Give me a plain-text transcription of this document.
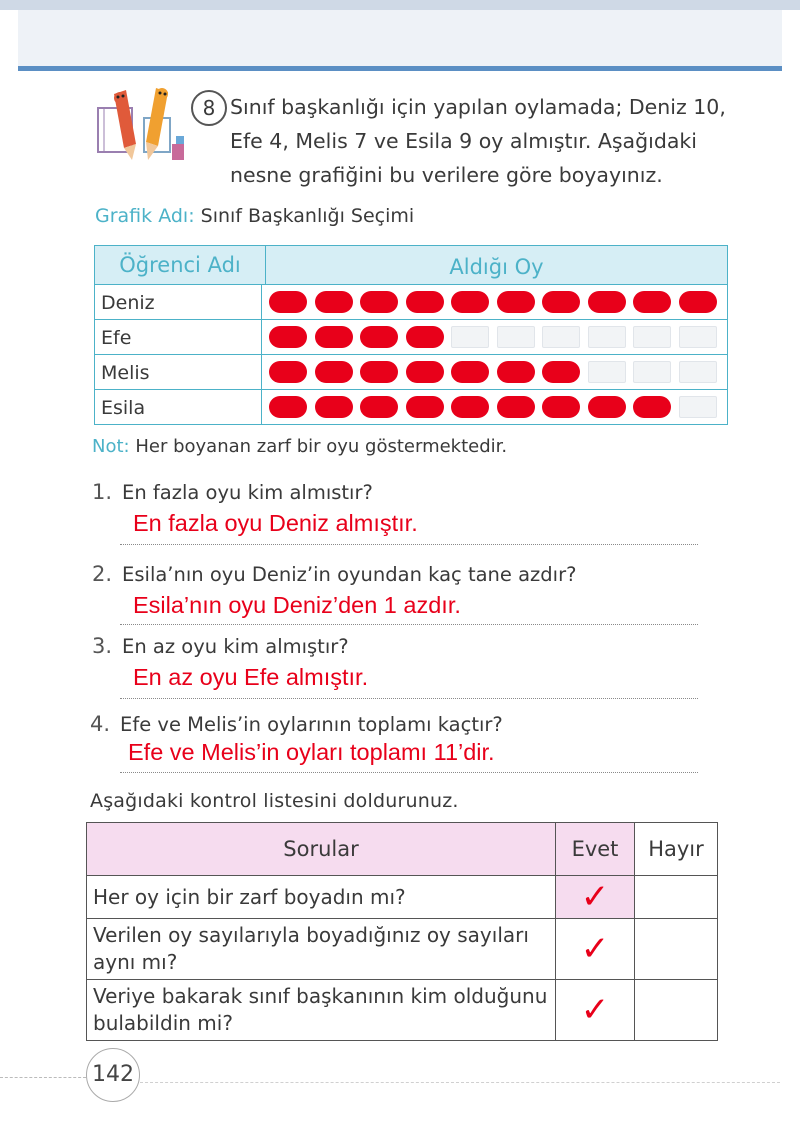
8 Sınıf başkanlığı için yapılan oylamada; Deniz 10, Efe 4, Melis 7 ve Esila 9 oy almıştır. Aşağıdaki nesne grafiğini bu verilere göre boyayınız.
Grafik Adı: Sınıf Başkanlığı Seçimi
Öğrenci Adı	Aldığı Oy
Deniz
Efe
Melis
Esila
Not: Her boyanan zarf bir oyu göstermektedir.
1. En fazla oyu kim almıstır?
En fazla oyu Deniz almıştır.
2. Esila’nın oyu Deniz’in oyundan kaç tane azdır?
Esila’nın oyu Deniz’den 1 azdır.
3. En az oyu kim almıştır?
En az oyu Efe almıştır.
4. Efe ve Melis’in oylarının toplamı kaçtır?
Efe ve Melis’in oyları toplamı 11’dir.
Aşağıdaki kontrol listesini doldurunuz.
Sorular	Evet	Hayır
Her oy için bir zarf boyadın mı?	✓	
Verilen oy sayılarıyla boyadığınız oy sayıları aynı mı?	✓	
Veriye bakarak sınıf başkanının kim olduğunu bulabildin mi?	✓	
142
